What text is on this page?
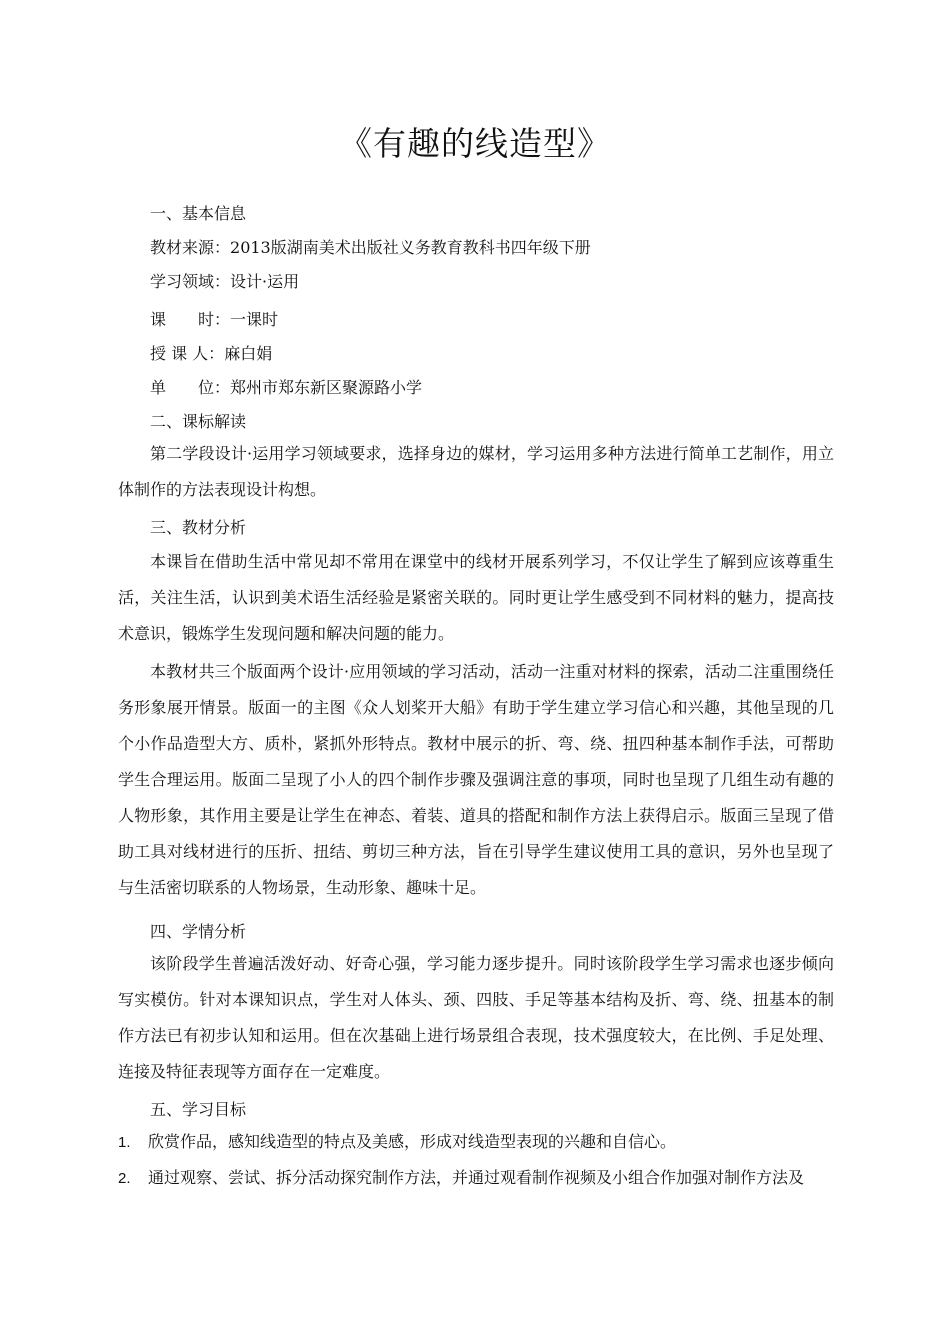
《有趣的线造型》
一、基本信息
教材来源：2013版湖南美术出版社义务教育教科书四年级下册
学习领域：设计·运用
课　　时：一课时
授 课 人：麻白娟
单　　位：郑州市郑东新区聚源路小学
二、课标解读

第二学段设计·运用学习领域要求，选择身边的媒材，学习运用多种方法进行简单工艺制作，用立体制作的方法表现设计构想。

三、教材分析

本课旨在借助生活中常见却不常用在课堂中的线材开展系列学习，不仅让学生了解到应该尊重生活，关注生活，认识到美术语生活经验是紧密关联的。同时更让学生感受到不同材料的魅力，提高技术意识，锻炼学生发现问题和解决问题的能力。

本教材共三个版面两个设计·应用领域的学习活动，活动一注重对材料的探索，活动二注重围绕任务形象展开情景。版面一的主图《众人划桨开大船》有助于学生建立学习信心和兴趣，其他呈现的几个小作品造型大方、质朴，紧抓外形特点。教材中展示的折、弯、绕、扭四种基本制作手法，可帮助学生合理运用。版面二呈现了小人的四个制作步骤及强调注意的事项，同时也呈现了几组生动有趣的人物形象，其作用主要是让学生在神态、着装、道具的搭配和制作方法上获得启示。版面三呈现了借助工具对线材进行的压折、扭结、剪切三种方法，旨在引导学生建议使用工具的意识，另外也呈现了与生活密切联系的人物场景，生动形象、趣味十足。

四、学情分析

该阶段学生普遍活泼好动、好奇心强，学习能力逐步提升。同时该阶段学生学习需求也逐步倾向写实模仿。针对本课知识点，学生对人体头、颈、四肢、手足等基本结构及折、弯、绕、扭基本的制作方法已有初步认知和运用。但在次基础上进行场景组合表现，技术强度较大，在比例、手足处理、连接及特征表现等方面存在一定难度。

五、学习目标
1. 欣赏作品，感知线造型的特点及美感，形成对线造型表现的兴趣和自信心。
2. 通过观察、尝试、拆分活动探究制作方法，并通过观看制作视频及小组合作加强对制作方法及
